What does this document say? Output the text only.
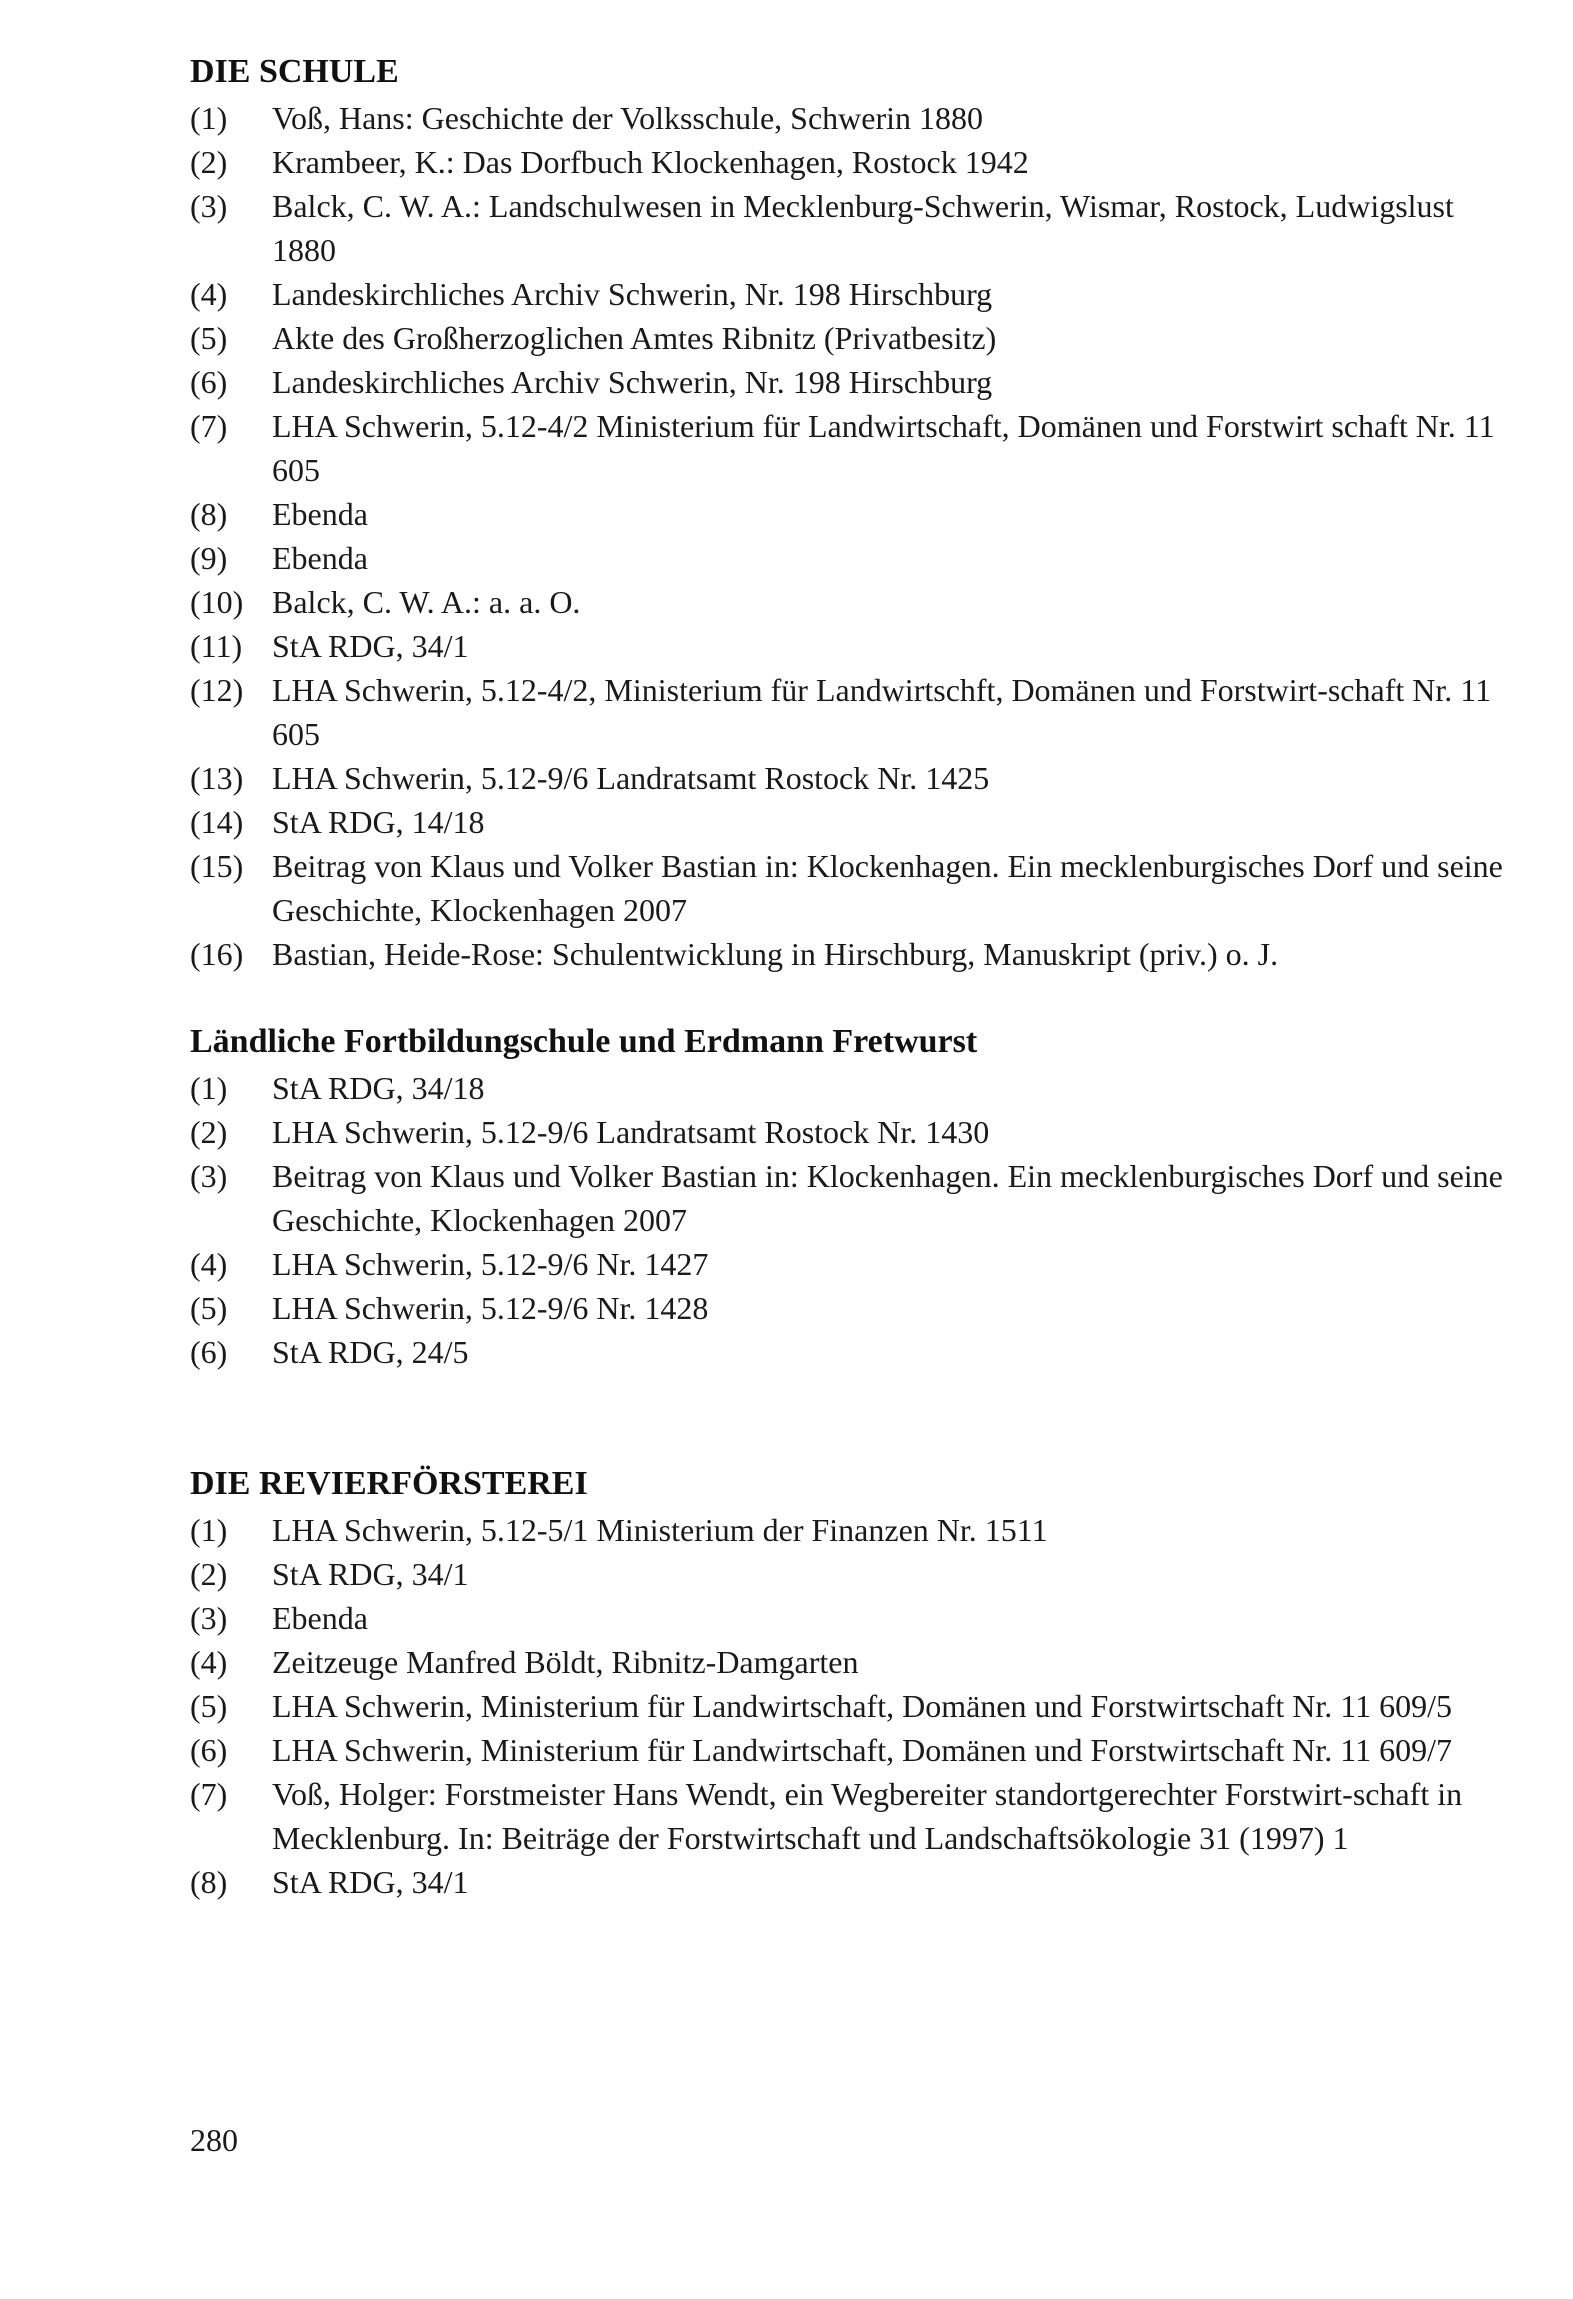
DIE SCHULE
(1)	Voß, Hans: Geschichte der Volksschule, Schwerin 1880
(2)	Krambeer, K.: Das Dorfbuch Klockenhagen, Rostock 1942
(3)	Balck, C. W. A.: Landschulwesen in Mecklenburg-Schwerin, Wismar, Rostock, Ludwigslust 1880
(4)	Landeskirchliches Archiv Schwerin, Nr. 198 Hirschburg
(5)	Akte des Großherzoglichen Amtes Ribnitz (Privatbesitz)
(6)	Landeskirchliches Archiv Schwerin, Nr. 198 Hirschburg
(7)	LHA Schwerin, 5.12-4/2 Ministerium für Landwirtschaft, Domänen und Forstwirt schaft Nr. 11 605
(8)	Ebenda
(9)	Ebenda
(10) Balck, C. W. A.: a. a. O.
(11) StA RDG, 34/1
(12) LHA Schwerin, 5.12-4/2, Ministerium für Landwirtschft, Domänen und Forstwirt-schaft Nr. 11 605
(13) LHA Schwerin, 5.12-9/6 Landratsamt Rostock Nr. 1425
(14) StA RDG, 14/18
(15) Beitrag von Klaus und Volker Bastian in: Klockenhagen. Ein mecklenburgisches Dorf und seine Geschichte, Klockenhagen 2007
(16) Bastian, Heide-Rose: Schulentwicklung in Hirschburg, Manuskript (priv.) o. J.
Ländliche Fortbildungschule und Erdmann Fretwurst
(1)	StA RDG, 34/18
(2)	LHA Schwerin, 5.12-9/6 Landratsamt Rostock Nr. 1430
(3)	Beitrag von Klaus und Volker Bastian in: Klockenhagen. Ein mecklenburgisches Dorf und seine Geschichte, Klockenhagen 2007
(4)	LHA Schwerin, 5.12-9/6 Nr. 1427
(5)	LHA Schwerin, 5.12-9/6 Nr. 1428
(6)	StA RDG, 24/5
DIE REVIERFÖRSTEREI
(1)	LHA Schwerin, 5.12-5/1 Ministerium der Finanzen Nr. 1511
(2)	StA RDG, 34/1
(3)	Ebenda
(4)	Zeitzeuge Manfred Böldt, Ribnitz-Damgarten
(5)	LHA Schwerin, Ministerium für Landwirtschaft, Domänen und Forstwirtschaft Nr. 11 609/5
(6)	LHA Schwerin, Ministerium für Landwirtschaft, Domänen und Forstwirtschaft Nr. 11 609/7
(7)	Voß, Holger: Forstmeister Hans Wendt, ein Wegbereiter standortgerechter Forstwirt-schaft in Mecklenburg. In: Beiträge der Forstwirtschaft und Landschaftsökologie 31 (1997) 1
(8)	StA RDG, 34/1
280
